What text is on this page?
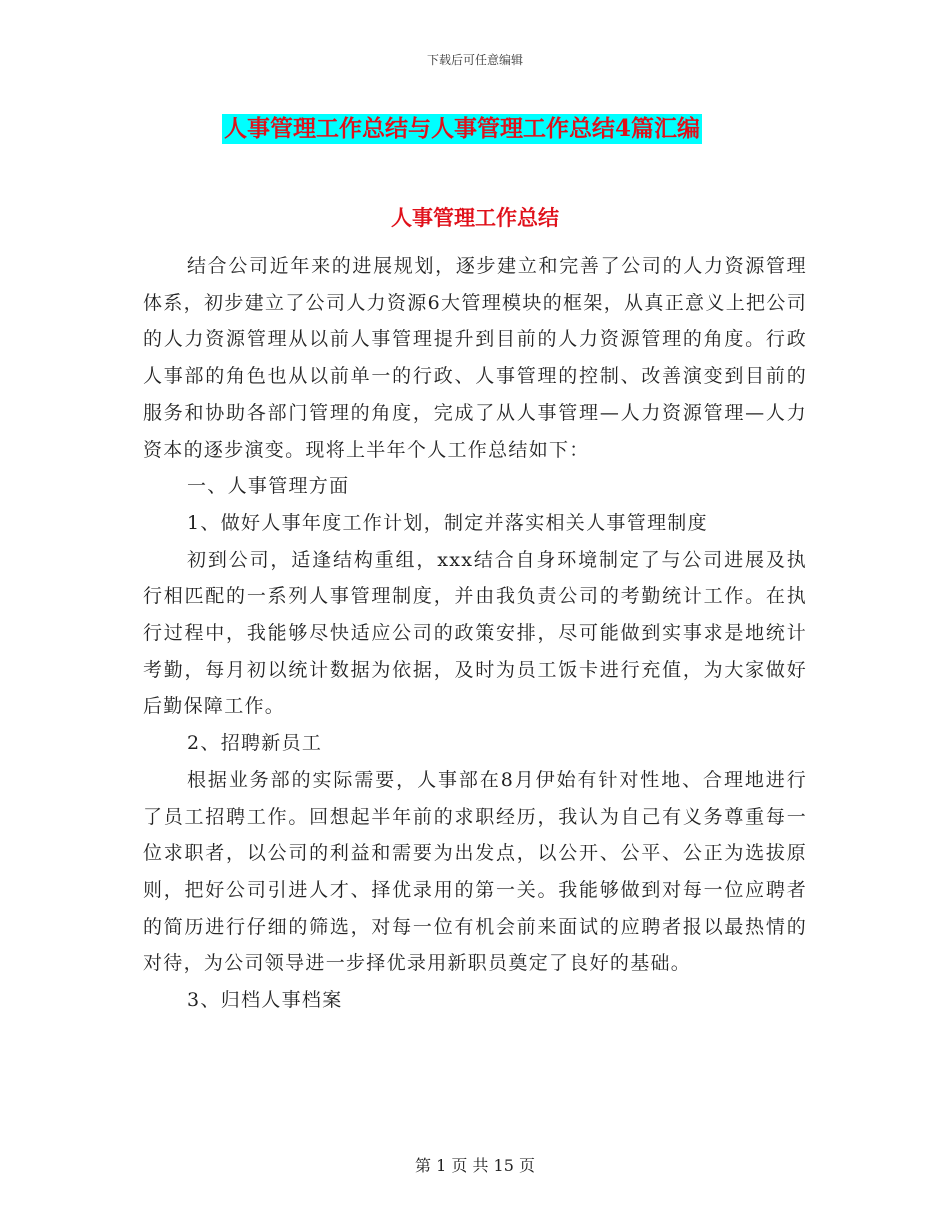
下载后可任意编辑
人事管理工作总结与人事管理工作总结4篇汇编
人事管理工作总结

结合公司近年来的进展规划，逐步建立和完善了公司的人力资源管理体系，初步建立了公司人力资源6大管理模块的框架，从真正意义上把公司的人力资源管理从以前人事管理提升到目前的人力资源管理的角度。行政人事部的角色也从以前单一的行政、人事管理的控制、改善演变到目前的服务和协助各部门管理的角度，完成了从人事管理—人力资源管理—人力资本的逐步演变。现将上半年个人工作总结如下：

一、人事管理方面

1、做好人事年度工作计划，制定并落实相关人事管理制度

初到公司，适逢结构重组，xxx结合自身环境制定了与公司进展及执行相匹配的一系列人事管理制度，并由我负责公司的考勤统计工作。在执行过程中，我能够尽快适应公司的政策安排，尽可能做到实事求是地统计考勤，每月初以统计数据为依据，及时为员工饭卡进行充值，为大家做好后勤保障工作。

2、招聘新员工

根据业务部的实际需要，人事部在8月伊始有针对性地、合理地进行了员工招聘工作。回想起半年前的求职经历，我认为自己有义务尊重每一位求职者，以公司的利益和需要为出发点，以公开、公平、公正为选拔原则，把好公司引进人才、择优录用的第一关。我能够做到对每一位应聘者的简历进行仔细的筛选，对每一位有机会前来面试的应聘者报以最热情的对待，为公司领导进一步择优录用新职员奠定了良好的基础。

3、归档人事档案

第 1 页 共 15 页
